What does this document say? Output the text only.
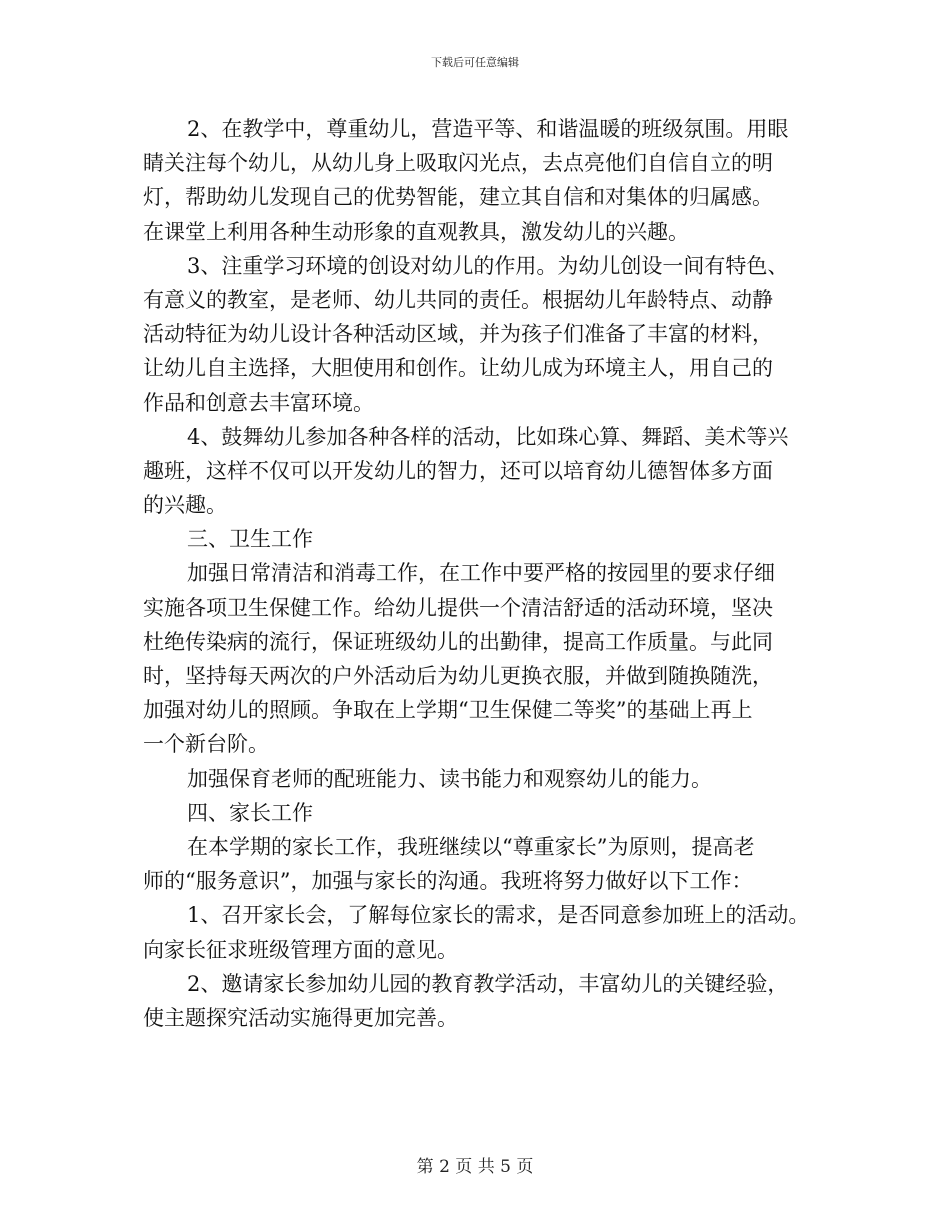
下载后可任意编辑
2、在教学中，尊重幼儿，营造平等、和谐温暖的班级氛围。用眼
睛关注每个幼儿，从幼儿身上吸取闪光点，去点亮他们自信自立的明
灯，帮助幼儿发现自己的优势智能，建立其自信和对集体的归属感。
在课堂上利用各种生动形象的直观教具，激发幼儿的兴趣。
3、注重学习环境的创设对幼儿的作用。为幼儿创设一间有特色、
有意义的教室，是老师、幼儿共同的责任。根据幼儿年龄特点、动静
活动特征为幼儿设计各种活动区域，并为孩子们准备了丰富的材料，
让幼儿自主选择，大胆使用和创作。让幼儿成为环境主人，用自己的
作品和创意去丰富环境。
4、鼓舞幼儿参加各种各样的活动，比如珠心算、舞蹈、美术等兴
趣班，这样不仅可以开发幼儿的智力，还可以培育幼儿德智体多方面
的兴趣。
三、卫生工作
加强日常清洁和消毒工作，在工作中要严格的按园里的要求仔细
实施各项卫生保健工作。给幼儿提供一个清洁舒适的活动环境，坚决
杜绝传染病的流行，保证班级幼儿的出勤律，提高工作质量。与此同
时，坚持每天两次的户外活动后为幼儿更换衣服，并做到随换随洗，
加强对幼儿的照顾。争取在上学期“卫生保健二等奖”的基础上再上
一个新台阶。
加强保育老师的配班能力、读书能力和观察幼儿的能力。
四、家长工作
在本学期的家长工作，我班继续以“尊重家长”为原则，提高老
师的“服务意识”，加强与家长的沟通。我班将努力做好以下工作：
1、召开家长会，了解每位家长的需求，是否同意参加班上的活动。
向家长征求班级管理方面的意见。
2、邀请家长参加幼儿园的教育教学活动，丰富幼儿的关键经验，
使主题探究活动实施得更加完善。
第 2 页 共 5 页
